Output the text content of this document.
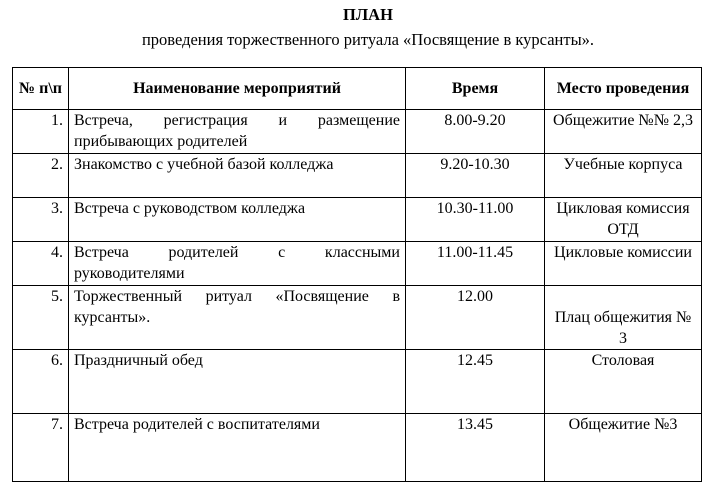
ПЛАН
проведения торжественного ритуала «Посвящение в курсанты».
№ п\п	Наименование мероприятий	Время	Место проведения
1.	Встреча, регистрация и размещение прибывающих родителей	8.00-9.20	Общежитие №№ 2,3
2.	Знакомство с учебной базой колледжа	9.20-10.30	Учебные корпуса
3.	Встреча с руководством колледжа	10.30-11.00	Цикловая комиссия ОТД
4.	Встреча родителей с классными руководителями	11.00-11.45	Цикловые комиссии
5.	Торжественный ритуал «Посвящение в курсанты».	12.00	Плац общежития № 3
6.	Праздничный обед	12.45	Столовая
7.	Встреча родителей с воспитателями	13.45	Общежитие №3
